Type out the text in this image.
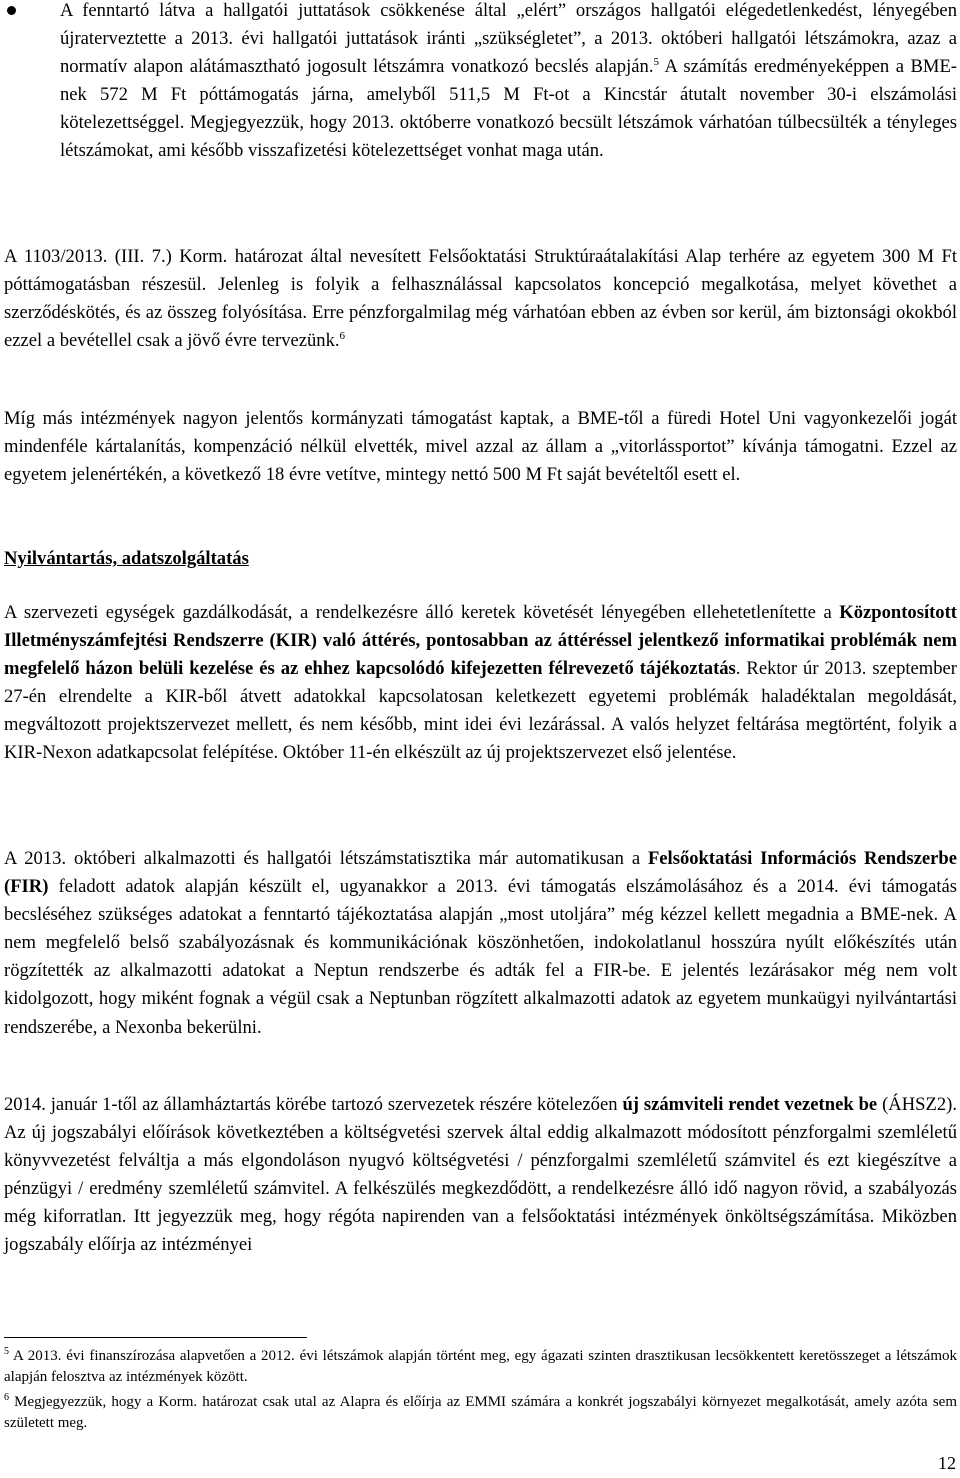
A fenntartó látva a hallgatói juttatások csökkenése által „elért” országos hallgatói elégedetlenkedést, lényegében újraterveztette a 2013. évi hallgatói juttatások iránti „szükségletet”, a 2013. októberi hallgatói létszámokra, azaz a normatív alapon alátámasztható jogosult létszámra vonatkozó becslés alapján.$^5$ A számítás eredményeképpen a BME-nek 572 M Ft póttámogatás járna, amelyből 511,5 M Ft-ot a Kincstár átutalt november 30-i elszámolási kötelezettséggel. Megjegyezzük, hogy 2013. októberre vonatkozó becsült létszámok várhatóan túlbecsülték a tényleges létszámokat, ami később visszafizetési kötelezettséget vonhat maga után.

A 1103/2013. (III. 7.) Korm. határozat által nevesített Felsőoktatási Struktúraátalakítási Alap terhére az egyetem 300 M Ft póttámogatásban részesül. Jelenleg is folyik a felhasználással kapcsolatos koncepció megalkotása, melyet követhet a szerződéskötés, és az összeg folyósítása. Erre pénzforgalmilag még várhatóan ebben az évben sor kerül, ám biztonsági okokból ezzel a bevétellel csak a jövő évre tervezünk.$^6$

Míg más intézmények nagyon jelentős kormányzati támogatást kaptak, a BME-től a füredi Hotel Uni vagyonkezelői jogát mindenféle kártalanítás, kompenzáció nélkül elvették, mivel azzal az állam a „vitorlássportot” kívánja támogatni. Ezzel az egyetem jelenértékén, a következő 18 évre vetítve, mintegy nettó 500 M Ft saját bevételtől esett el.

Nyilvántartás, adatszolgáltatás

A szervezeti egységek gazdálkodását, a rendelkezésre álló keretek követését lényegében ellehetetlenítette a Központosított Illetményszámfejtési Rendszerre (KIR) való áttérés, pontosabban az áttéréssel jelentkező informatikai problémák nem megfelelő házon belüli kezelése és az ehhez kapcsolódó kifejezetten félrevezető tájékoztatás. Rektor úr 2013. szeptember 27-én elrendelte a KIR-ből átvett adatokkal kapcsolatosan keletkezett egyetemi problémák haladéktalan megoldását, megváltozott projektszervezet mellett, és nem később, mint idei évi lezárással. A valós helyzet feltárása megtörtént, folyik a KIR-Nexon adatkapcsolat felépítése. Október 11-én elkészült az új projektszervezet első jelentése.

A 2013. októberi alkalmazotti és hallgatói létszámstatisztika már automatikusan a Felsőoktatási Információs Rendszerbe (FIR) feladott adatok alapján készült el, ugyanakkor a 2013. évi támogatás elszámolásához és a 2014. évi támogatás becsléséhez szükséges adatokat a fenntartó tájékoztatása alapján „most utoljára” még kézzel kellett megadnia a BME-nek. A nem megfelelő belső szabályozásnak és kommunikációnak köszönhetően, indokolatlanul hosszúra nyúlt előkészítés után rögzítették az alkalmazotti adatokat a Neptun rendszerbe és adták fel a FIR-be. E jelentés lezárásakor még nem volt kidolgozott, hogy miként fognak a végül csak a Neptunban rögzített alkalmazotti adatok az egyetem munkaügyi nyilvántartási rendszerébe, a Nexonba bekerülni.

2014. január 1-től az államháztartás körébe tartozó szervezetek részére kötelezően új számviteli rendet vezetnek be (ÁHSZ2). Az új jogszabályi előírások következtében a költségvetési szervek által eddig alkalmazott módosított pénzforgalmi szemléletű könyvvezetést felváltja a más elgondoláson nyugvó költségvetési / pénzforgalmi szemléletű számvitel és ezt kiegészítve a pénzügyi / eredmény szemléletű számvitel. A felkészülés megkezdődött, a rendelkezésre álló idő nagyon rövid, a szabályozás még kiforratlan. Itt jegyezzük meg, hogy régóta napirenden van a felsőoktatási intézmények önköltségszámítása. Miközben jogszabály előírja az intézményei

$^5$ A 2013. évi finanszírozása alapvetően a 2012. évi létszámok alapján történt meg, egy ágazati szinten drasztikusan lecsökkentett keretösszeget a létszámok alapján felosztva az intézmények között.

$^6$ Megjegyezzük, hogy a Korm. határozat csak utal az Alapra és előírja az EMMI számára a konkrét jogszabályi környezet megalkotását, amely azóta sem született meg.

12
